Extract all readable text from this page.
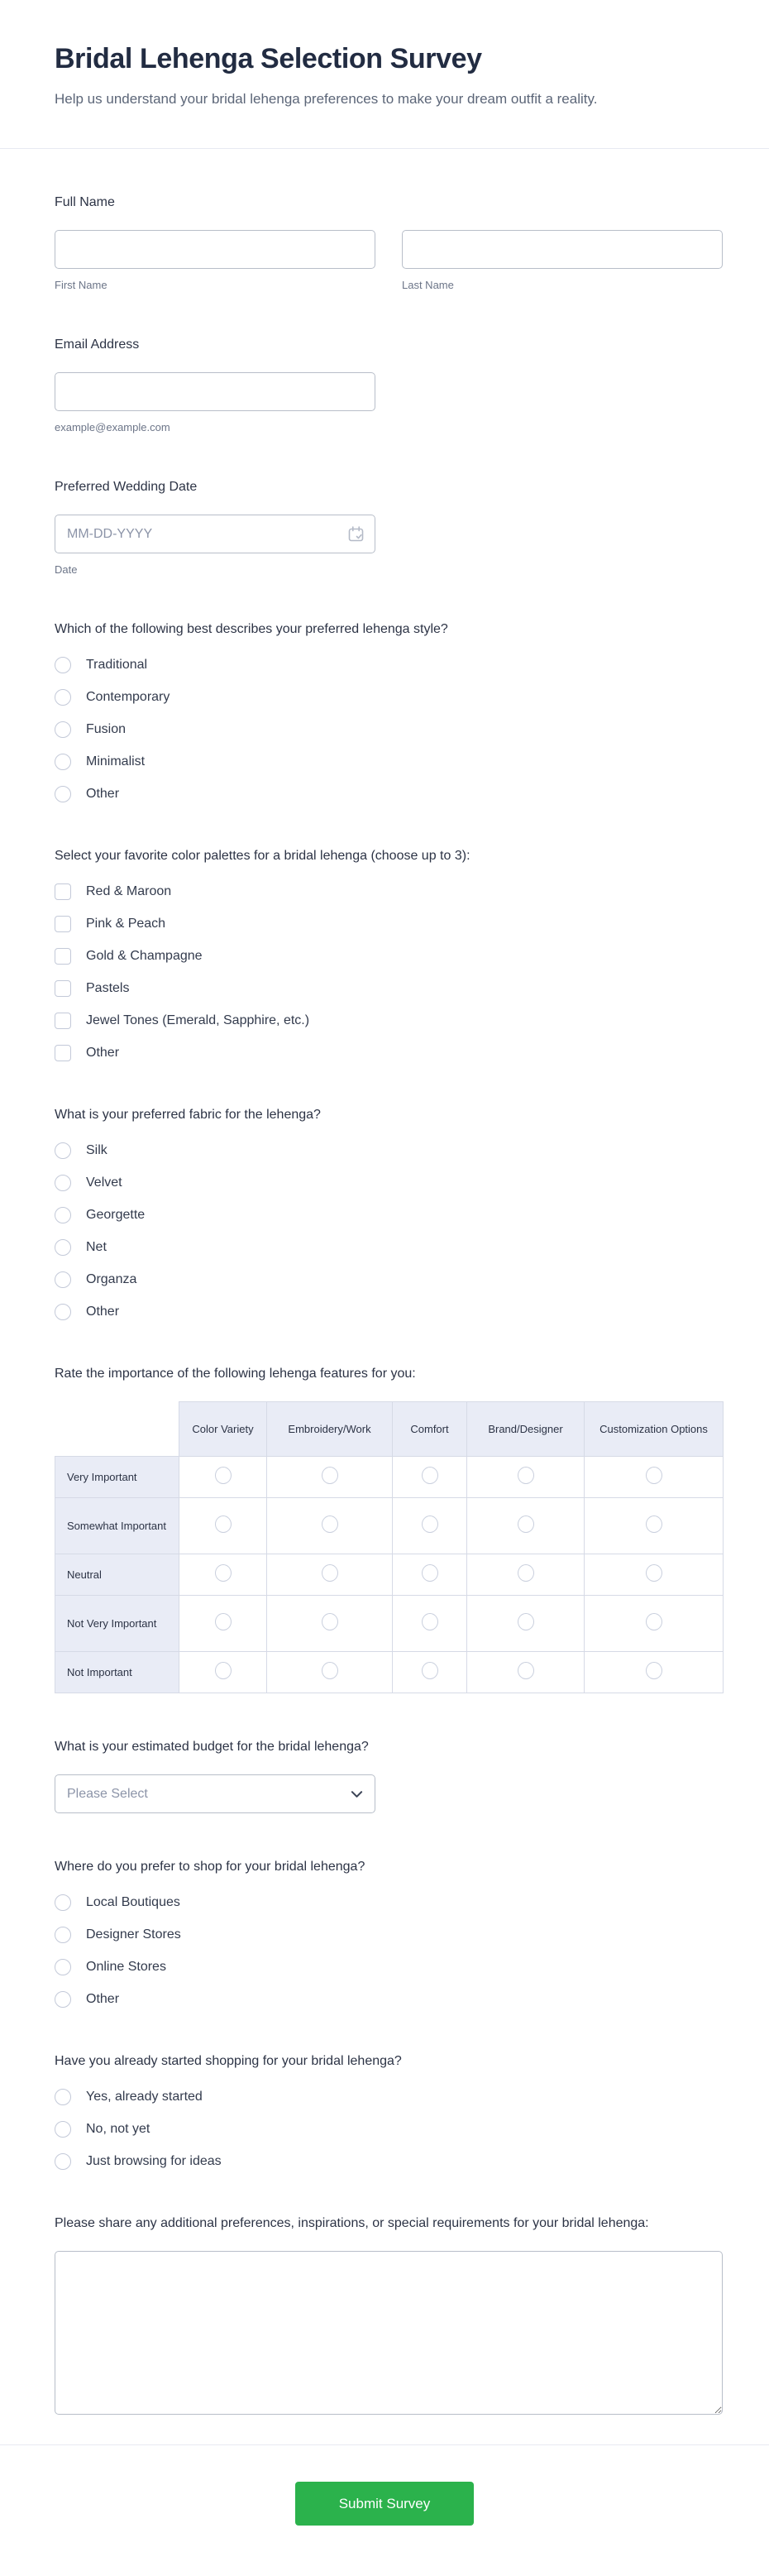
Bridal Lehenga Selection Survey

Help us understand your bridal lehenga preferences to make your dream outfit a reality.

Full Name
First Name	Last Name
Email Address
example@example.com
Preferred Wedding Date
MM-DD-YYYY
Date
Which of the following best describes your preferred lehenga style?
Traditional
Contemporary
Fusion
Minimalist
Other
Select your favorite color palettes for a bridal lehenga (choose up to 3):
Red & Maroon
Pink & Peach
Gold & Champagne
Pastels
Jewel Tones (Emerald, Sapphire, etc.)
Other
What is your preferred fabric for the lehenga?
Silk
Velvet
Georgette
Net
Organza
Other
Rate the importance of the following lehenga features for you:
	Color Variety	Embroidery/Work	Comfort	Brand/Designer	Customization Options
Very Important					
Somewhat Important					
Neutral					
Not Very Important					
Not Important					
What is your estimated budget for the bridal lehenga?
Please Select
Where do you prefer to shop for your bridal lehenga?
Local Boutiques
Designer Stores
Online Stores
Other
Have you already started shopping for your bridal lehenga?
Yes, already started
No, not yet
Just browsing for ideas
Please share any additional preferences, inspirations, or special requirements for your bridal lehenga:
Submit Survey
